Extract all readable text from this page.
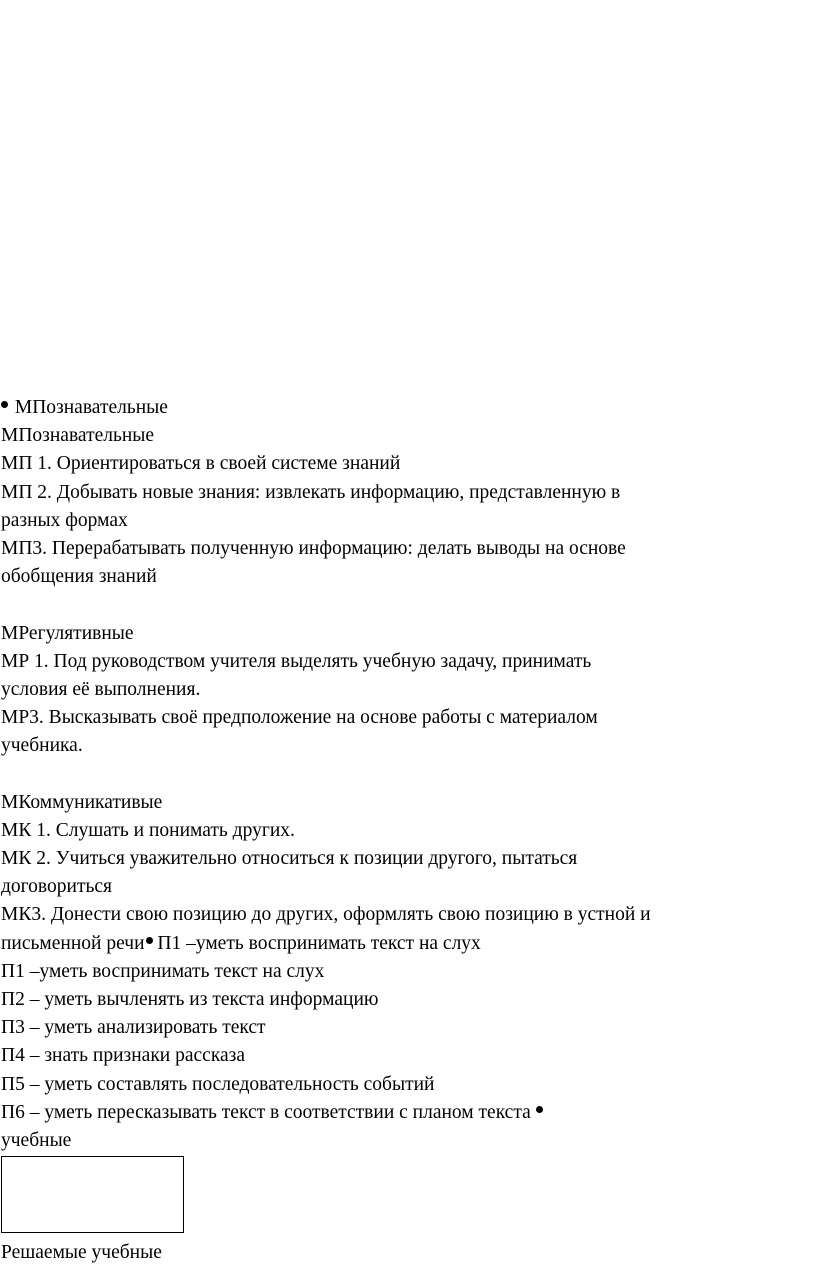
МПознавательные
МПознавательные
МП 1. Ориентироваться в своей системе знаний
МП 2. Добывать новые знания: извлекать информацию, представленную в
разных формах
МП3. Перерабатывать полученную информацию: делать выводы на основе
обобщения знаний
МРегулятивные
МР 1. Под руководством учителя выделять учебную задачу, принимать
условия её выполнения.
МР3. Высказывать своё предположение на основе работы с материалом
учебника.
МКоммуникативые
МК 1. Слушать и понимать других.
МК 2. Учиться уважительно относиться к позиции другого, пытаться
договориться
МК3. Донести свою позицию до других, оформлять свою позицию в устной и
письменной речи П1 –уметь воспринимать текст на слух
П1 –уметь воспринимать текст на слух
П2 – уметь вычленять из текста информацию
П3 – уметь анализировать текст
П4 – знать признаки рассказа
П5 – уметь составлять последовательность событий
П6 – уметь пересказывать текст в соответствии с планом текста
учебные
Решаемые учебные
